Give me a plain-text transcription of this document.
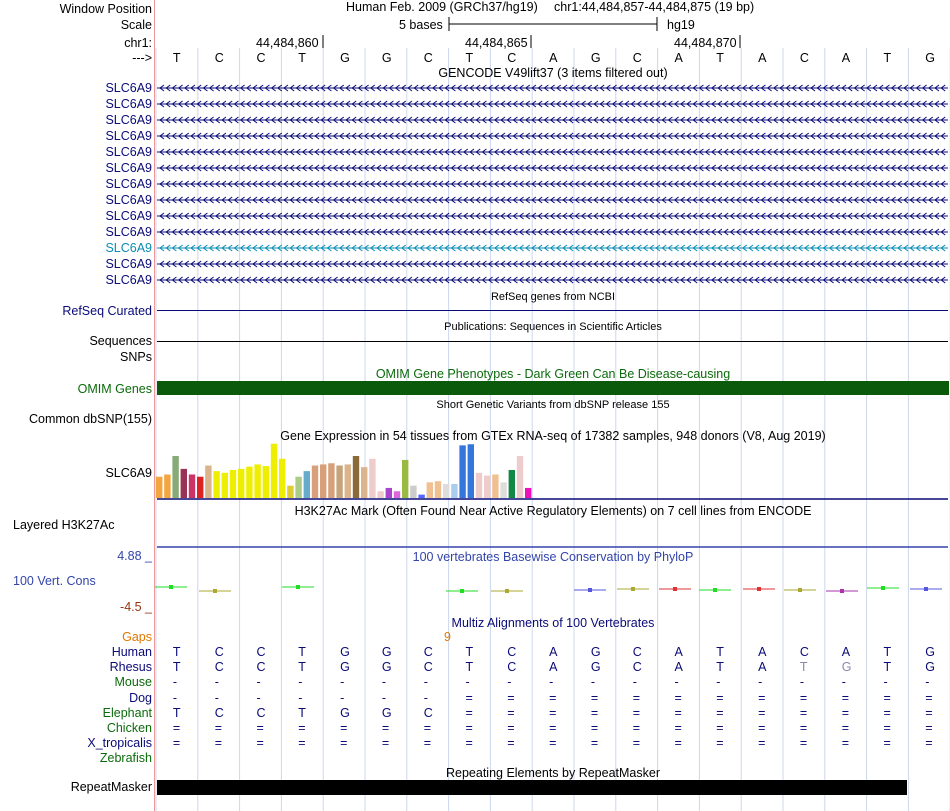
Window Position	Human Feb. 2009 (GRCh37/hg19) chr1:44,484,857-44,484,875 (19 bp)
Scale	5 bases	hg19
chr1:	44,484,860	44,484,865	44,484,870
---> T	C	C	T	G	G	C	T	C	A	G	C	A	T	A	C	A	T	G
GENCODE V49lift37 (3 items filtered out)
SLC6A9
SLC6A9
SLC6A9
SLC6A9
SLC6A9
SLC6A9
SLC6A9
SLC6A9
SLC6A9
SLC6A9
SLC6A9
SLC6A9
SLC6A9
RefSeq genes from NCBI
RefSeq Curated
Publications: Sequences in Scientific Articles
Sequences
SNPs
OMIM Gene Phenotypes - Dark Green Can Be Disease-causing
OMIM Genes
Short Genetic Variants from dbSNP release 155
Common dbSNP(155)
Gene Expression in 54 tissues from GTEx RNA-seq of 17382 samples, 948 donors (V8, Aug 2019)
SLC6A9
H3K27Ac Mark (Often Found Near Active Regulatory Elements) on 7 cell lines from ENCODE
Layered H3K27Ac
100 vertebrates Basewise Conservation by PhyloP
4.88 _
100 Vert. Cons
-4.5 _
Multiz Alignments of 100 Vertebrates
Gaps	9
Human T	C	C	T	G	G	C	T	C	A	G	C	A	T	A	C	A	T	G
Rhesus T	C	C	T	G	G	C	T	C	A	G	C	A	T	A	T	G	T	G
Mouse -	-	-	-	-	-	-	-	-	-	-	-	-	-	-	-	-	-	-
Dog -	-	-	-	-	-	-	=	=	=	=	=	=	=	=	=	=	=	=
Elephant T	C	C	T	G	G	C	=	=	=	=	=	=	=	=	=	=	=	=
Chicken =	=	=	=	=	=	=	=	=	=	=	=	=	=	=	=	=	=	=
X_tropicalis =	=	=	=	=	=	=	=	=	=	=	=	=	=	=	=	=	=	=
Zebrafish
Repeating Elements by RepeatMasker
RepeatMasker
